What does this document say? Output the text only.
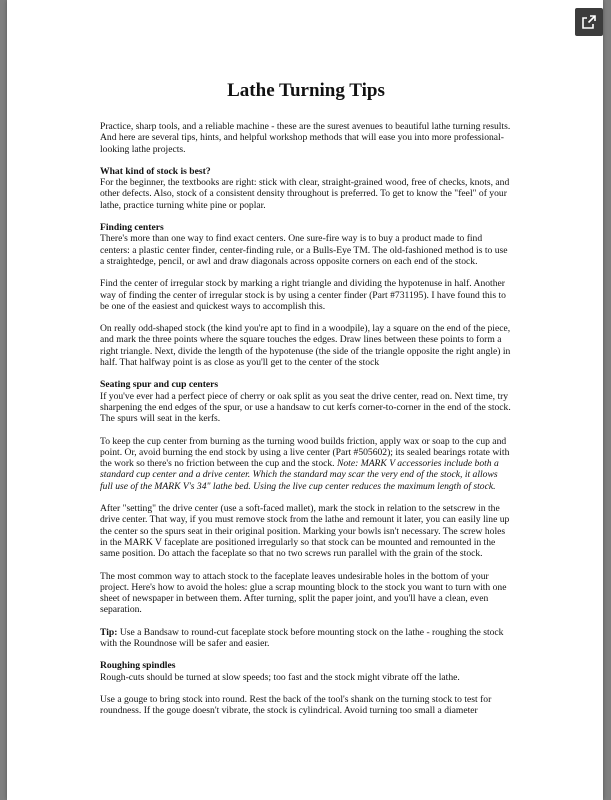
Lathe Turning Tips

Practice, sharp tools, and a reliable machine - these are the surest avenues to beautiful lathe turning results. And here are several tips, hints, and helpful workshop methods that will ease you into more professional-looking lathe projects.

What kind of stock is best?
For the beginner, the textbooks are right: stick with clear, straight-grained wood, free of checks, knots, and other defects. Also, stock of a consistent density throughout is preferred. To get to know the "feel" of your lathe, practice turning white pine or poplar.

Finding centers
There's more than one way to find exact centers. One sure-fire way is to buy a product made to find centers: a plastic center finder, center-finding rule, or a Bulls-Eye TM. The old-fashioned method is to use a straightedge, pencil, or awl and draw diagonals across opposite corners on each end of the stock.

Find the center of irregular stock by marking a right triangle and dividing the hypotenuse in half. Another way of finding the center of irregular stock is by using a center finder (Part #731195). I have found this to be one of the easiest and quickest ways to accomplish this.

On really odd-shaped stock (the kind you're apt to find in a woodpile), lay a square on the end of the piece, and mark the three points where the square touches the edges. Draw lines between these points to form a right triangle. Next, divide the length of the hypotenuse (the side of the triangle opposite the right angle) in half. That halfway point is as close as you'll get to the center of the stock

Seating spur and cup centers
If you've ever had a perfect piece of cherry or oak split as you seat the drive center, read on. Next time, try sharpening the end edges of the spur, or use a handsaw to cut kerfs corner-to-corner in the end of the stock. The spurs will seat in the kerfs.

To keep the cup center from burning as the turning wood builds friction, apply wax or soap to the cup and point. Or, avoid burning the end stock by using a live center (Part #505602); its sealed bearings rotate with the work so there's no friction between the cup and the stock. Note: MARK V accessories include both a standard cup center and a drive center. Which the standard may scar the very end of the stock, it allows full use of the MARK V's 34" lathe bed. Using the live cup center reduces the maximum length of stock.

After "setting" the drive center (use a soft-faced mallet), mark the stock in relation to the setscrew in the drive center. That way, if you must remove stock from the lathe and remount it later, you can easily line up the center so the spurs seat in their original position. Marking your bowls isn't necessary. The screw holes in the MARK V faceplate are positioned irregularly so that stock can be mounted and remounted in the same position. Do attach the faceplate so that no two screws run parallel with the grain of the stock.

The most common way to attach stock to the faceplate leaves undesirable holes in the bottom of your project. Here's how to avoid the holes: glue a scrap mounting block to the stock you want to turn with one sheet of newspaper in between them. After turning, split the paper joint, and you'll have a clean, even separation.

Tip: Use a Bandsaw to round-cut faceplate stock before mounting stock on the lathe - roughing the stock with the Roundnose will be safer and easier.

Roughing spindles
Rough-cuts should be turned at slow speeds; too fast and the stock might vibrate off the lathe.

Use a gouge to bring stock into round. Rest the back of the tool's shank on the turning stock to test for roundness. If the gouge doesn't vibrate, the stock is cylindrical. Avoid turning too small a diameter
